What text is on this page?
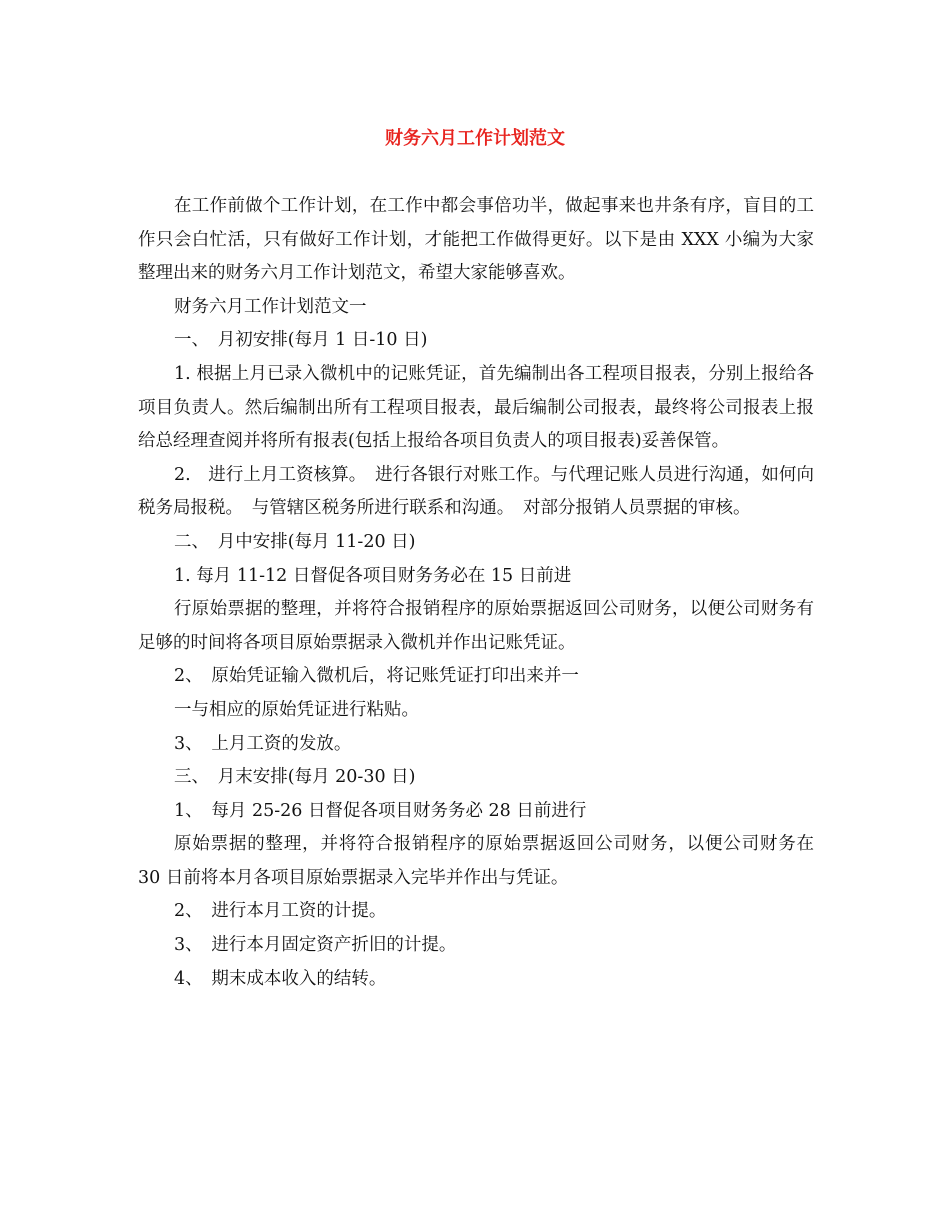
财务六月工作计划范文

在工作前做个工作计划，在工作中都会事倍功半，做起事来也井条有序，盲目的工作只会白忙活，只有做好工作计划，才能把工作做得更好。以下是由 XXX 小编为大家整理出来的财务六月工作计划范文，希望大家能够喜欢。

财务六月工作计划范文一

一、　月初安排(每月 1 日-10 日)

1. 根据上月已录入微机中的记账凭证，首先编制出各工程项目报表，分别上报给各项目负责人。然后编制出所有工程项目报表，最后编制公司报表，最终将公司报表上报给总经理查阅并将所有报表(包括上报给各项目负责人的项目报表)妥善保管。

2.　进行上月工资核算。　进行各银行对账工作。与代理记账人员进行沟通，如何向税务局报税。　与管辖区税务所进行联系和沟通。　对部分报销人员票据的审核。

二、　月中安排(每月 11-20 日)

1. 每月 11-12 日督促各项目财务务必在 15 日前进

行原始票据的整理，并将符合报销程序的原始票据返回公司财务，以便公司财务有足够的时间将各项目原始票据录入微机并作出记账凭证。

2、　原始凭证输入微机后，将记账凭证打印出来并一

一与相应的原始凭证进行粘贴。

3、　上月工资的发放。

三、　月末安排(每月 20-30 日)

1、　每月 25-26 日督促各项目财务务必 28 日前进行

原始票据的整理，并将符合报销程序的原始票据返回公司财务，以便公司财务在 30 日前将本月各项目原始票据录入完毕并作出与凭证。

2、　进行本月工资的计提。

3、　进行本月固定资产折旧的计提。

4、　期末成本收入的结转。
